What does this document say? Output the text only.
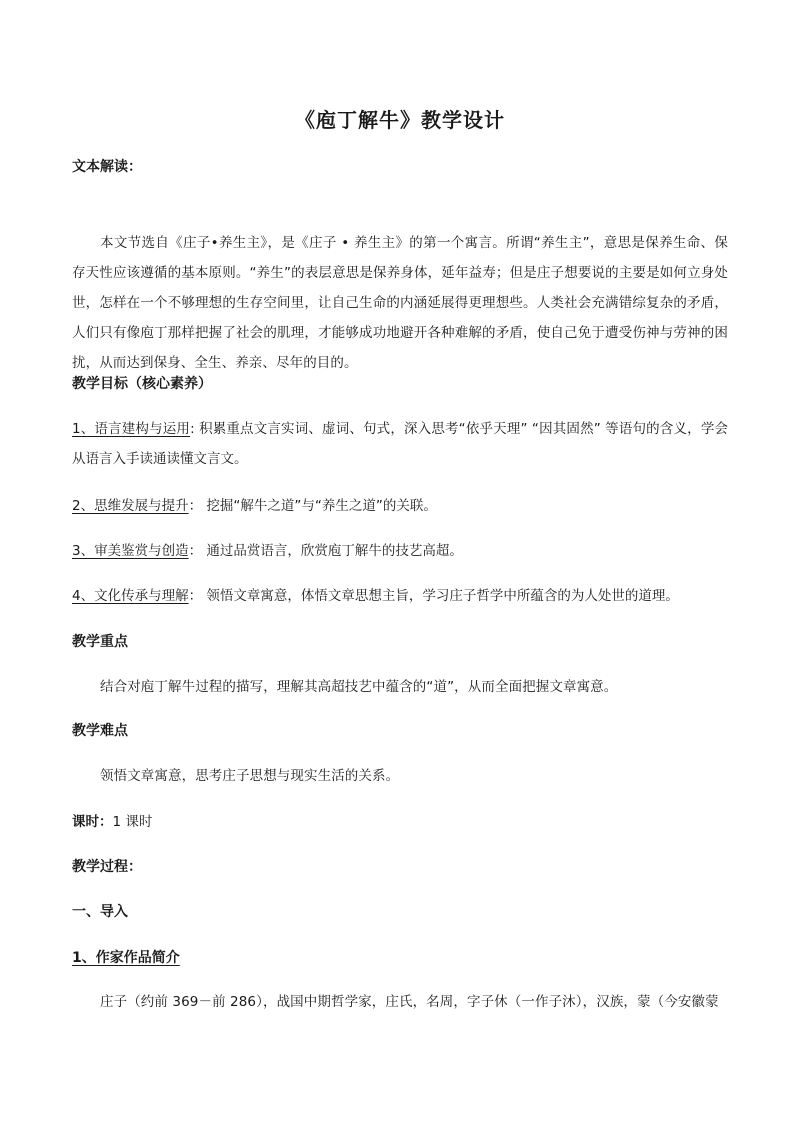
《庖丁解牛》教学设计
文本解读：
本文节选自《庄子•养生主》，是《庄子 • 养生主》的第一个寓言。所谓“养生主”，意思是保养生命、保存天性应该遵循的基本原则。“养生”的表层意思是保养身体，延年益寿；但是庄子想要说的主要是如何立身处世，怎样在一个不够理想的生存空间里，让自己生命的内涵延展得更理想些。人类社会充满错综复杂的矛盾，人们只有像庖丁那样把握了社会的肌理，才能够成功地避开各种难解的矛盾，使自己免于遭受伤神与劳神的困扰，从而达到保身、全生、养亲、尽年的目的。
教学目标（核心素养）
1、语言建构与运用: 积累重点文言实词、虚词、句式，深入思考“依乎天理” “因其固然” 等语句的含义，学会从语言入手读通读懂文言文。
2、思维发展与提升： 挖掘“解牛之道”与“养生之道”的关联。
3、审美鉴赏与创造： 通过品赏语言，欣赏庖丁解牛的技艺高超。
4、文化传承与理解： 领悟文章寓意，体悟文章思想主旨，学习庄子哲学中所蕴含的为人处世的道理。
教学重点
结合对庖丁解牛过程的描写，理解其高超技艺中蕴含的“道”，从而全面把握文章寓意。
教学难点
领悟文章寓意，思考庄子思想与现实生活的关系。
课时：1 课时
教学过程：
一、导入
1、作家作品简介
庄子（约前 369－前 286），战国中期哲学家，庄氏，名周，字子休（一作子沐），汉族，蒙（今安徽蒙
